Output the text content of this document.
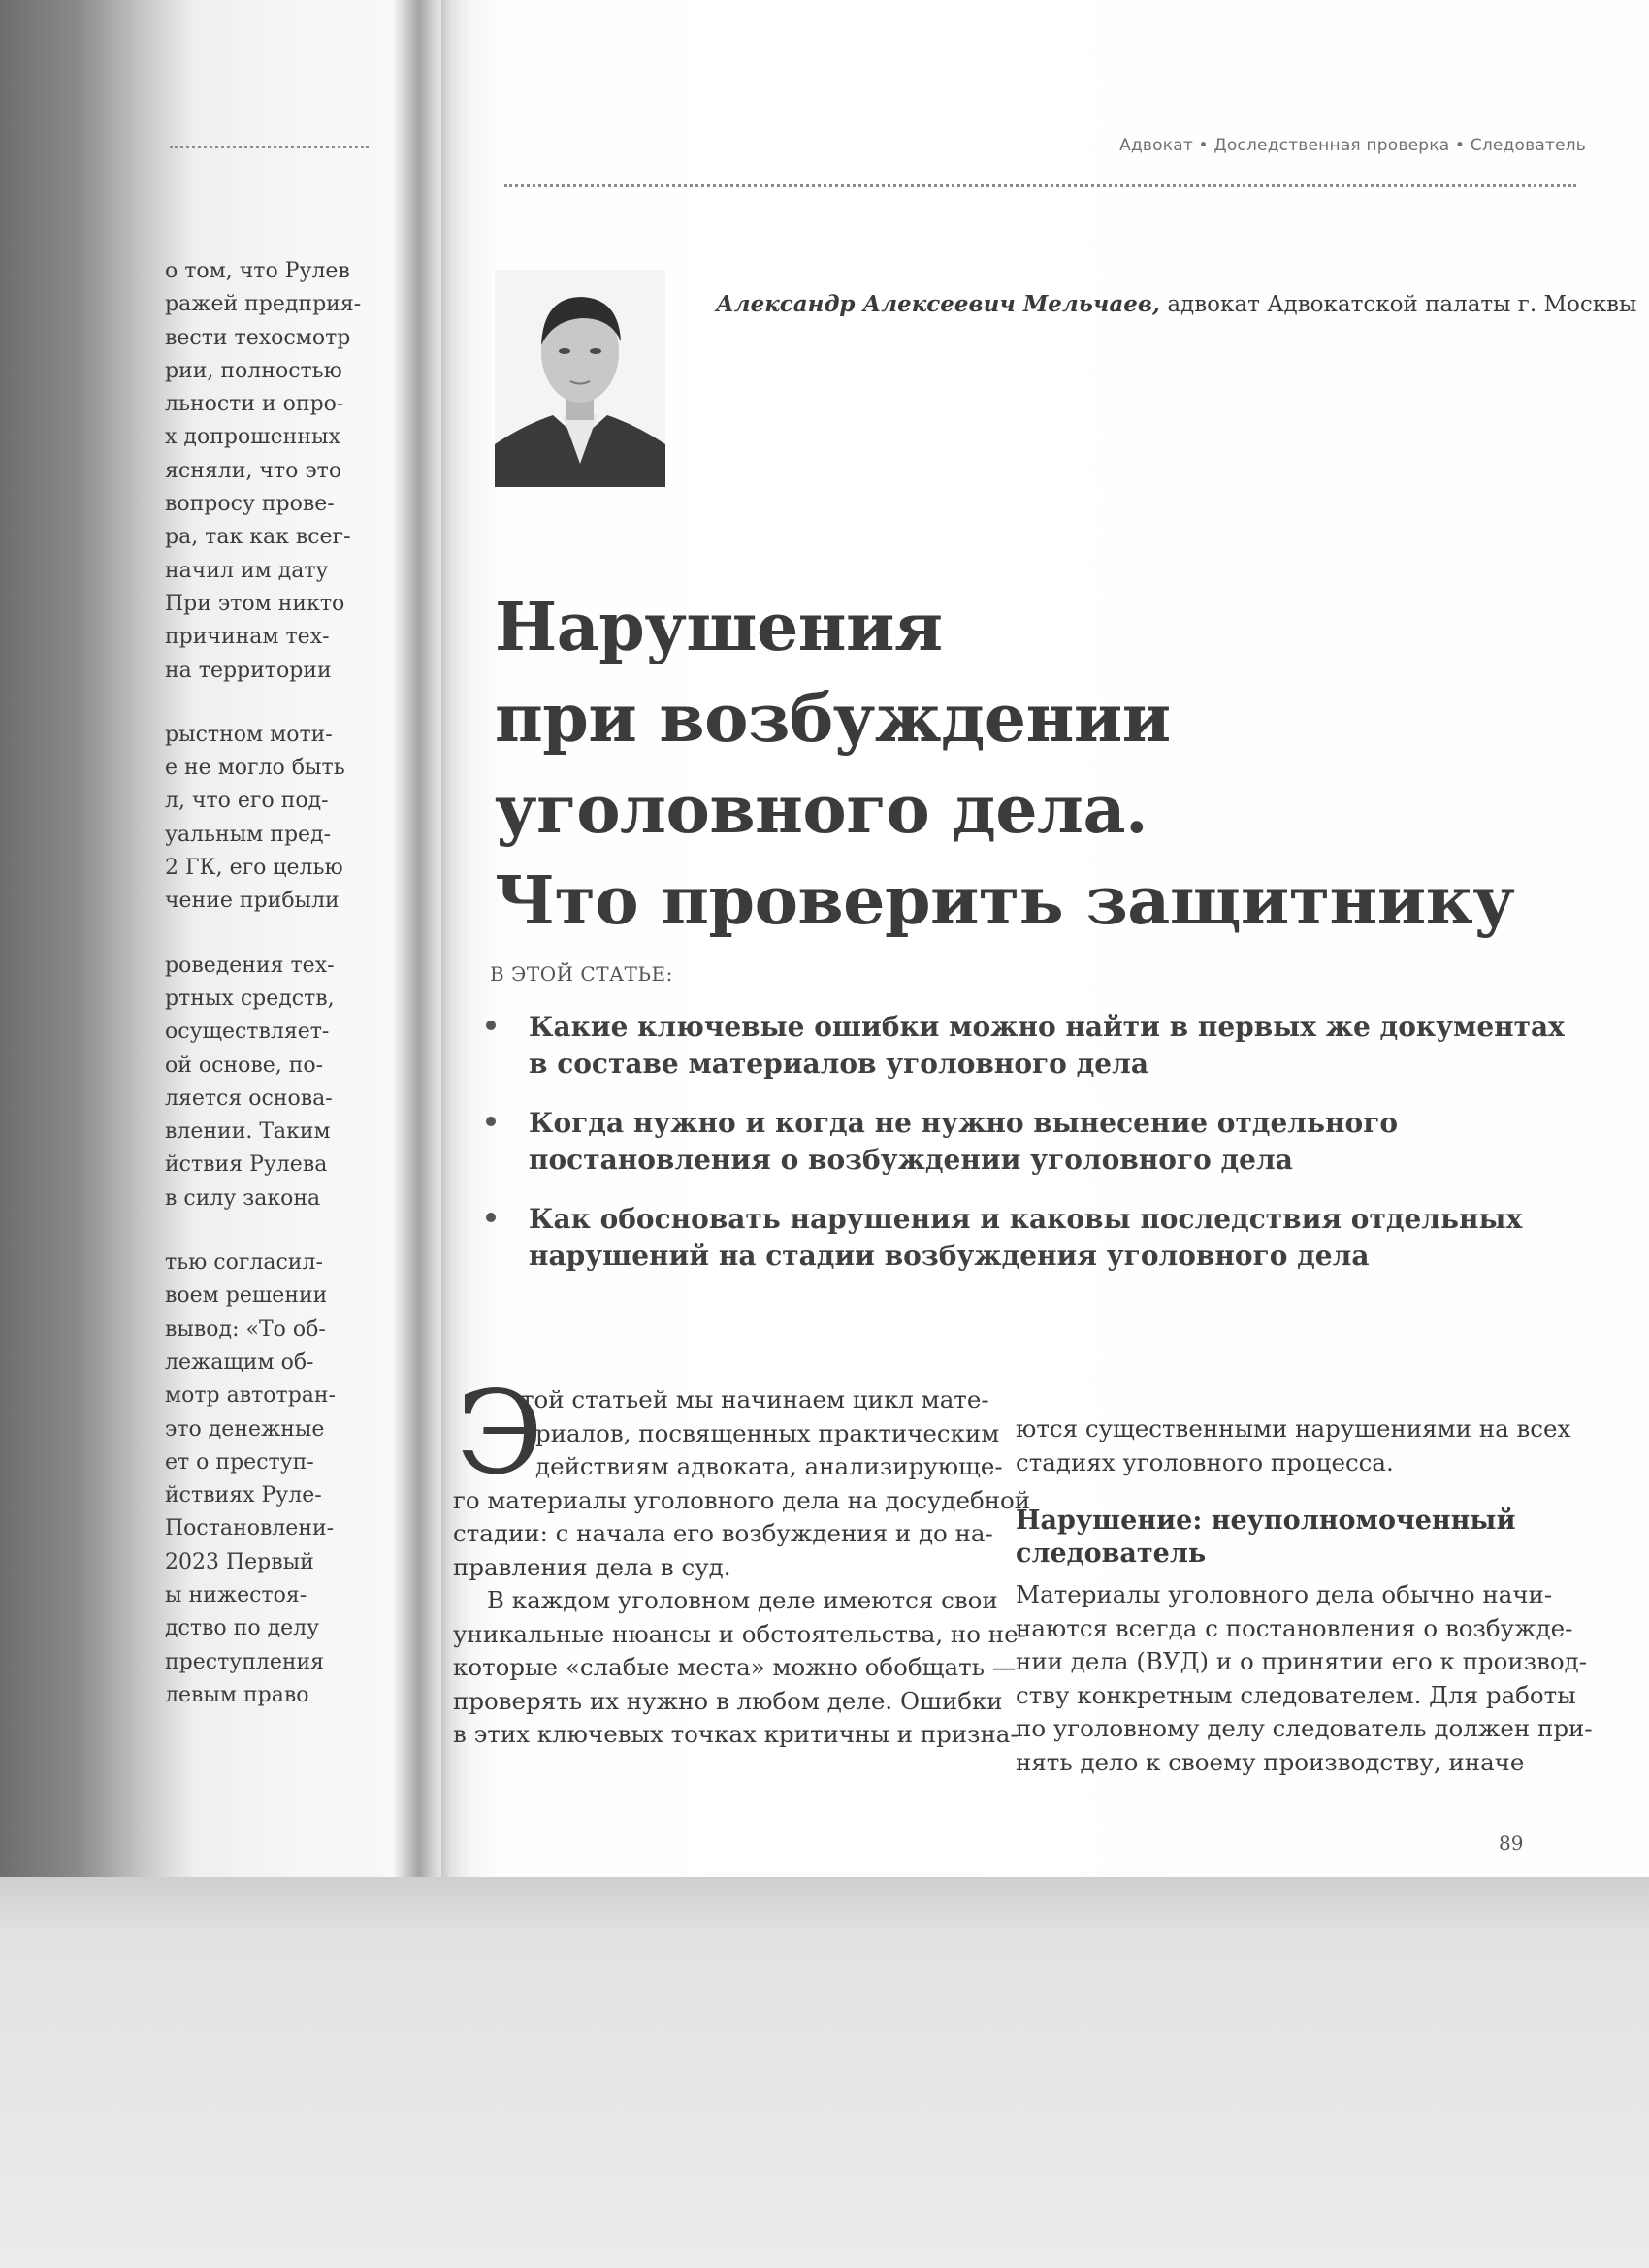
о том, что Рулев
ражей предприя-
вести техосмотр
рии, полностью
льности и опро-
х допрошенных
ясняли, что это
вопросу прове-
ра, так как всег-
начил им дату
При этом никто
причинам тех-
на территории
рыстном моти-
е не могло быть
л, что его под-
уальным пред-
2 ГК, его целью
чение прибыли
роведения тех-
ртных средств,
осуществляет-
ой основе, по-
ляется основа-
влении. Таким
йствия Рулева
в силу закона
тью согласил-
воем решении
вывод: «То об-
лежащим об-
мотр автотран-
это денежные
ет о преступ-
йствиях Руле-
Постановлени-
2023 Первый
ы нижестоя-
дство по делу
преступления
левым право
Адвокат • Доследственная проверка • Следователь
Александр Алексеевич Мельчаев, адвокат Адвокатской палаты г. Москвы
Нарушения
при возбуждении
уголовного дела.
Что проверить защитнику
В ЭТОЙ СТАТЬЕ:
Какие ключевые ошибки можно найти в первых же документах
в составе материалов уголовного дела
Когда нужно и когда не нужно вынесение отдельного
постановления о возбуждении уголовного дела
Как обосновать нарушения и каковы последствия отдельных
нарушений на стадии возбуждения уголовного дела
Э
той статьей мы начинаем цикл мате-
риалов, посвященных практическим
действиям адвоката, анализирующе-
го материалы уголовного дела на досудебной
стадии: с начала его возбуждения и до на-
правления дела в суд.
В каждом уголовном деле имеются свои
уникальные нюансы и обстоятельства, но не-
которые «слабые места» можно обобщать —
проверять их нужно в любом деле. Ошибки
в этих ключевых точках критичны и призна-
ются существенными нарушениями на всех
стадиях уголовного процесса.
Нарушение: неуполномоченный
следователь
Материалы уголовного дела обычно начи-
наются всегда с постановления о возбужде-
нии дела (ВУД) и о принятии его к производ-
ству конкретным следователем. Для работы
по уголовному делу следователь должен при-
нять дело к своему производству, иначе
89
